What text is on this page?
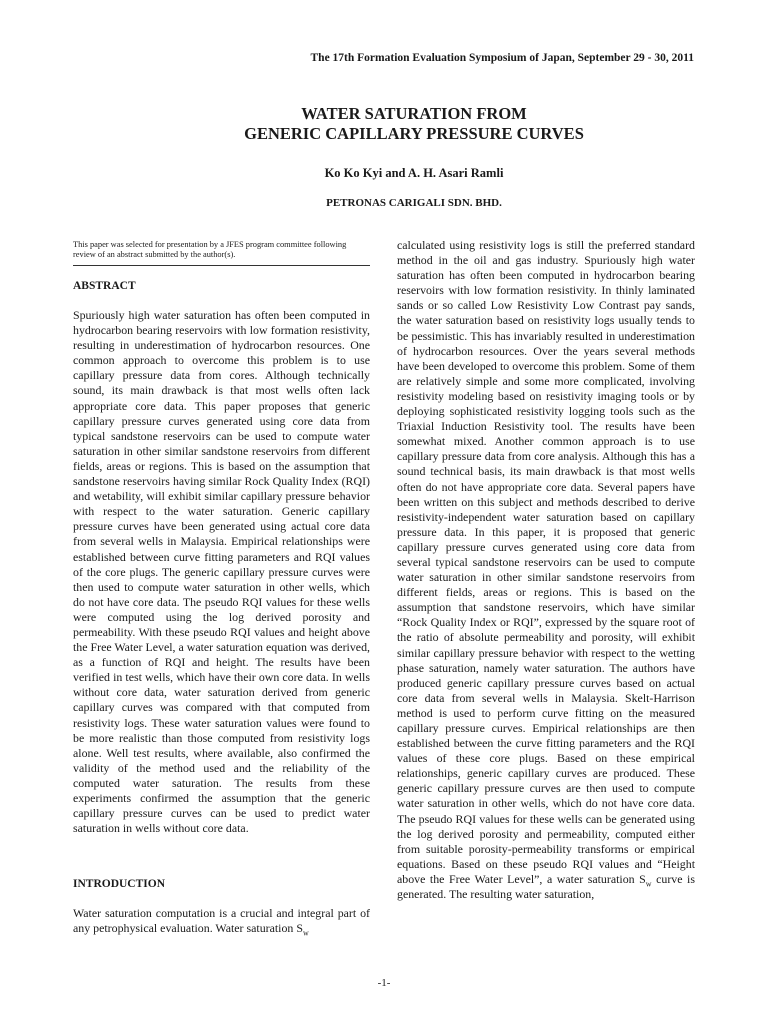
The 17th Formation Evaluation Symposium of Japan, September 29 - 30, 2011
WATER SATURATION FROM
GENERIC CAPILLARY PRESSURE CURVES
Ko Ko Kyi and A. H. Asari Ramli
PETRONAS CARIGALI SDN. BHD.

This paper was selected for presentation by a JFES program committee following review of an abstract submitted by the author(s).

ABSTRACT

Spuriously high water saturation has often been computed in hydrocarbon bearing reservoirs with low formation resistivity, resulting in underestimation of hydrocarbon resources. One common approach to overcome this problem is to use capillary pressure data from cores. Although technically sound, its main drawback is that most wells often lack appropriate core data. This paper proposes that generic capillary pressure curves generated using core data from typical sandstone reservoirs can be used to compute water saturation in other similar sandstone reservoirs from different fields, areas or regions. This is based on the assumption that sandstone reservoirs having similar Rock Quality Index (RQI) and wetability, will exhibit similar capillary pressure behavior with respect to the water saturation. Generic capillary pressure curves have been generated using actual core data from several wells in Malaysia. Empirical relationships were established between curve fitting parameters and RQI values of the core plugs. The generic capillary pressure curves were then used to compute water saturation in other wells, which do not have core data. The pseudo RQI values for these wells were computed using the log derived porosity and permeability. With these pseudo RQI values and height above the Free Water Level, a water saturation equation was derived, as a function of RQI and height. The results have been verified in test wells, which have their own core data. In wells without core data, water saturation derived from generic capillary curves was compared with that computed from resistivity logs. These water saturation values were found to be more realistic than those computed from resistivity logs alone. Well test results, where available, also confirmed the validity of the method used and the reliability of the computed water saturation. The results from these experiments confirmed the assumption that the generic capillary pressure curves can be used to predict water saturation in wells without core data.

INTRODUCTION

Water saturation computation is a crucial and integral part of any petrophysical evaluation. Water saturation $S_w$

calculated using resistivity logs is still the preferred standard method in the oil and gas industry. Spuriously high water saturation has often been computed in hydrocarbon bearing reservoirs with low formation resistivity. In thinly laminated sands or so called Low Resistivity Low Contrast pay sands, the water saturation based on resistivity logs usually tends to be pessimistic. This has invariably resulted in underestimation of hydrocarbon resources. Over the years several methods have been developed to overcome this problem. Some of them are relatively simple and some more complicated, involving resistivity modeling based on resistivity imaging tools or by deploying sophisticated resistivity logging tools such as the Triaxial Induction Resistivity tool. The results have been somewhat mixed. Another common approach is to use capillary pressure data from core analysis. Although this has a sound technical basis, its main drawback is that most wells often do not have appropriate core data. Several papers have been written on this subject and methods described to derive resistivity-independent water saturation based on capillary pressure data. In this paper, it is proposed that generic capillary pressure curves generated using core data from several typical sandstone reservoirs can be used to compute water saturation in other similar sandstone reservoirs from different fields, areas or regions. This is based on the assumption that sandstone reservoirs, which have similar “Rock Quality Index or RQI”, expressed by the square root of the ratio of absolute permeability and porosity, will exhibit similar capillary pressure behavior with respect to the wetting phase saturation, namely water saturation. The authors have produced generic capillary pressure curves based on actual core data from several wells in Malaysia. Skelt-Harrison method is used to perform curve fitting on the measured capillary pressure curves. Empirical relationships are then established between the curve fitting parameters and the RQI values of these core plugs. Based on these empirical relationships, generic capillary curves are produced. These generic capillary pressure curves are then used to compute water saturation in other wells, which do not have core data. The pseudo RQI values for these wells can be generated using the log derived porosity and permeability, computed either from suitable porosity-permeability transforms or empirical equations. Based on these pseudo RQI values and “Height above the Free Water Level”, a water saturation $S_w$ curve is generated. The resulting water saturation,

-1-
